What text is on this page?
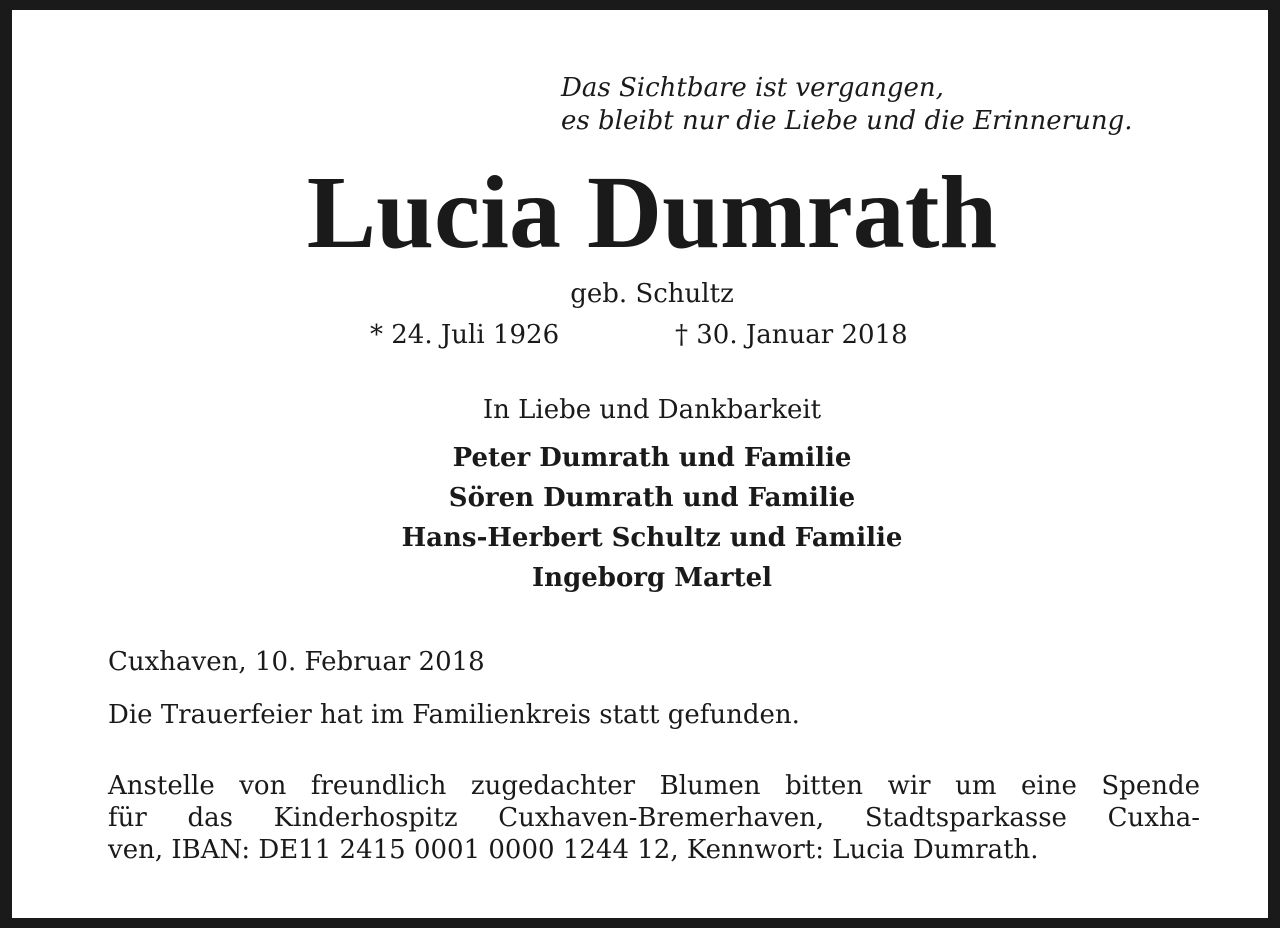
Das Sichtbare ist vergangen,
es bleibt nur die Liebe und die Erinnerung.
Lucia Dumrath
geb. Schultz
* 24. Juli 1926	† 30. Januar 2018
In Liebe und Dankbarkeit
Peter Dumrath und Familie
Sören Dumrath und Familie
Hans-Herbert Schultz und Familie
Ingeborg Martel
Cuxhaven, 10. Februar 2018
Die Trauerfeier hat im Familienkreis statt gefunden.
Anstelle von freundlich zugedachter Blumen bitten wir um eine Spende
für das Kinderhospitz Cuxhaven-Bremerhaven, Stadtsparkasse Cuxha-
ven, IBAN: DE11 2415 0001 0000 1244 12, Kennwort: Lucia Dumrath.
